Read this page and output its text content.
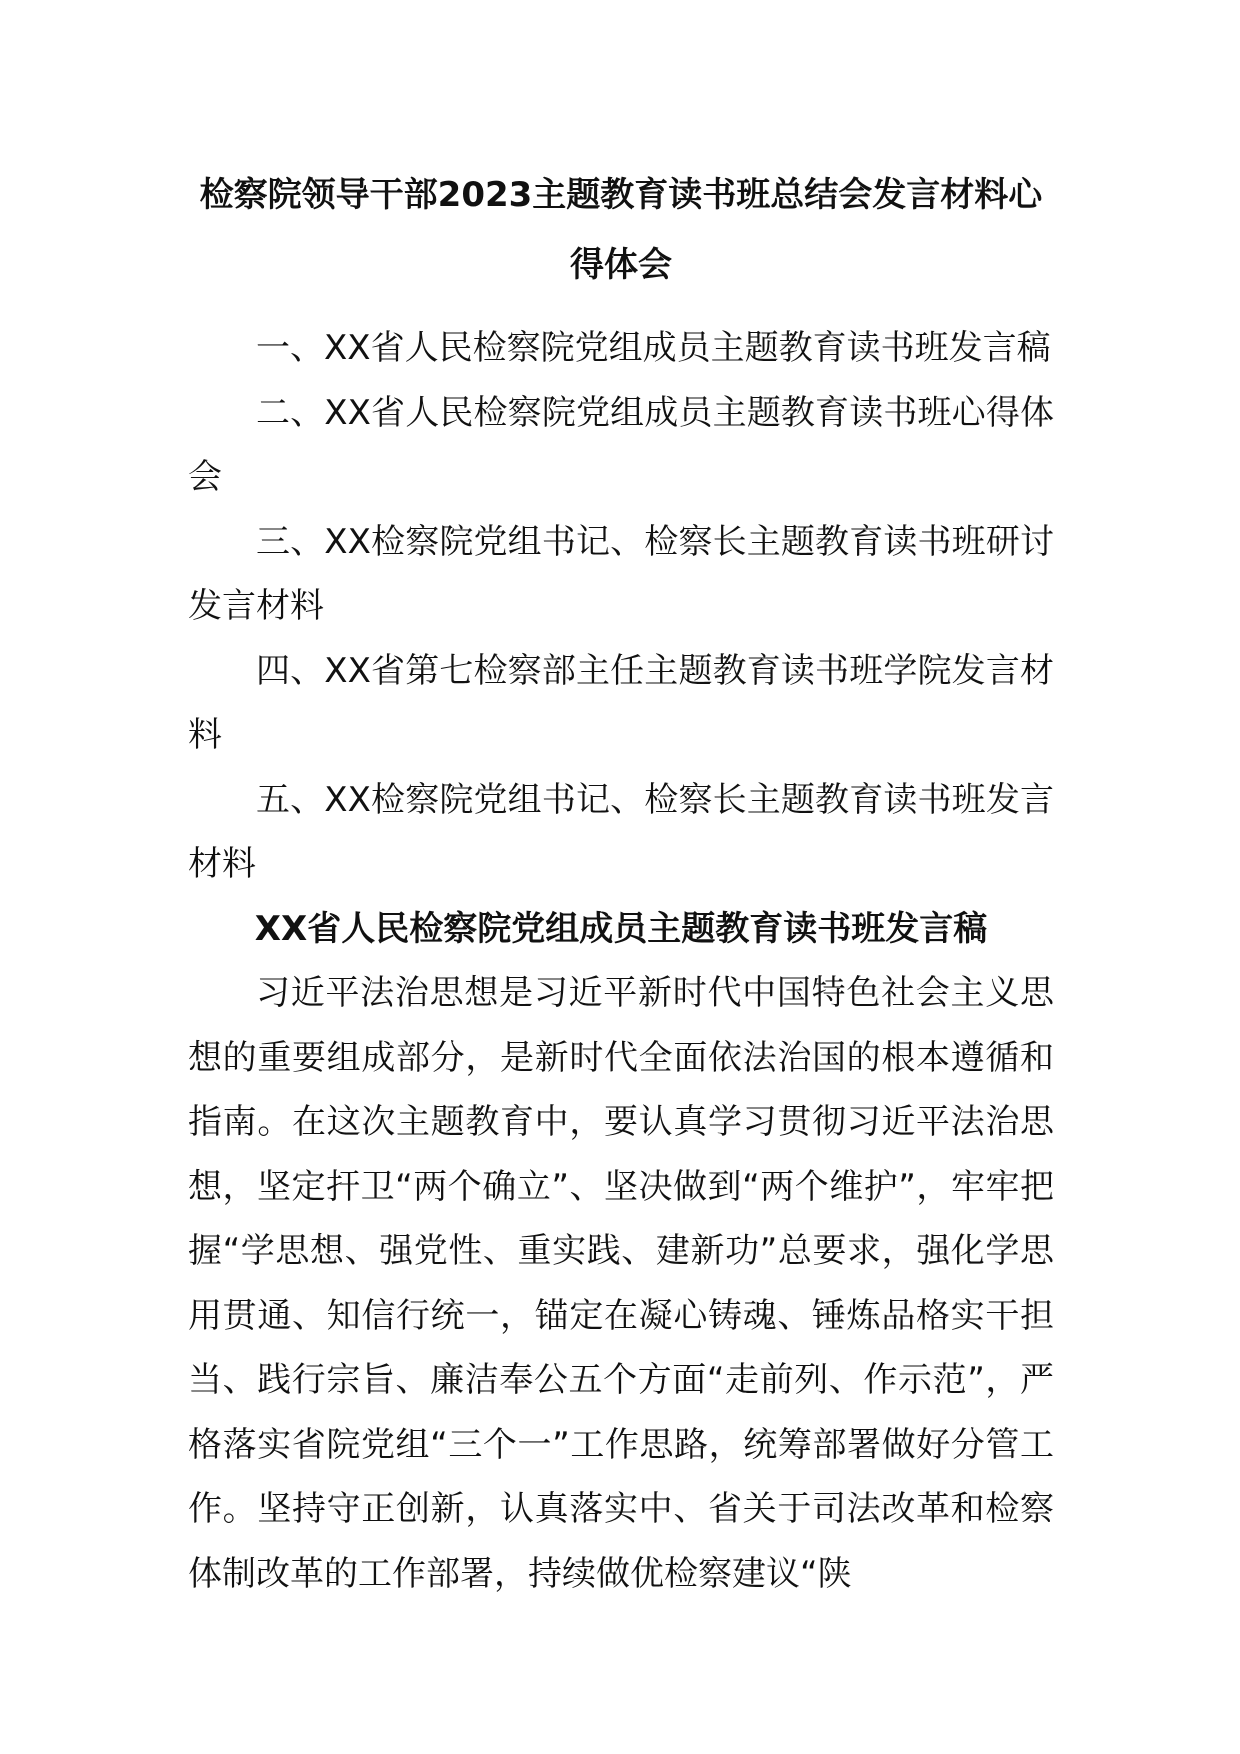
检察院领导干部2023主题教育读书班总结会发言材料心得体会
一、XX省人民检察院党组成员主题教育读书班发言稿
二、XX省人民检察院党组成员主题教育读书班心得体会
三、XX检察院党组书记、检察长主题教育读书班研讨发言材料
四、XX省第七检察部主任主题教育读书班学院发言材料
五、XX检察院党组书记、检察长主题教育读书班发言材料
XX省人民检察院党组成员主题教育读书班发言稿

习近平法治思想是习近平新时代中国特色社会主义思想的重要组成部分，是新时代全面依法治国的根本遵循和指南。在这次主题教育中，要认真学习贯彻习近平法治思想，坚定扞卫“两个确立”、坚决做到“两个维护”，牢牢把握“学思想、强党性、重实践、建新功”总要求，强化学思用贯通、知信行统一，锚定在凝心铸魂、锤炼品格实干担当、践行宗旨、廉洁奉公五个方面“走前列、作示范”，严格落实省院党组“三个一”工作思路，统筹部署做好分管工作。坚持守正创新，认真落实中、省关于司法改革和检察体制改革的工作部署，持续做优检察建议“陕
